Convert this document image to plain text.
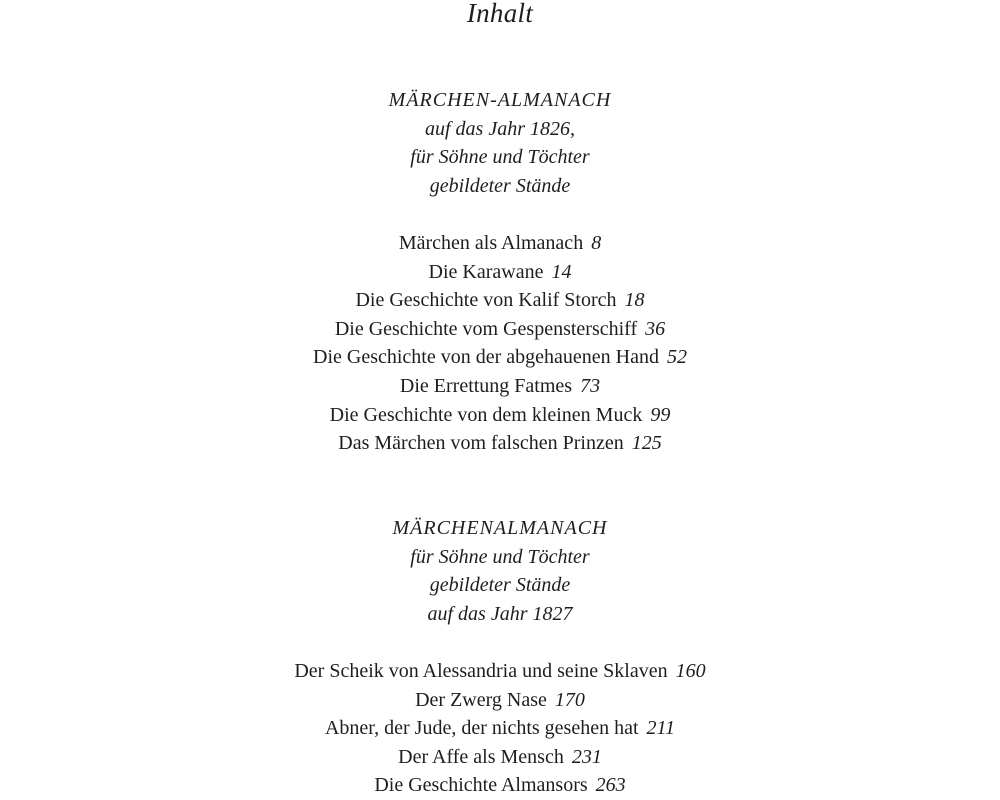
Inhalt
MÄRCHEN-ALMANACH
auf das Jahr 1826,
für Söhne und Töchter
gebildeter Stände
Märchen als Almanach 8
Die Karawane 14
Die Geschichte von Kalif Storch 18
Die Geschichte vom Gespensterschiff 36
Die Geschichte von der abgehauenen Hand 52
Die Errettung Fatmes 73
Die Geschichte von dem kleinen Muck 99
Das Märchen vom falschen Prinzen 125
MÄRCHENALMANACH
für Söhne und Töchter
gebildeter Stände
auf das Jahr 1827
Der Scheik von Alessandria und seine Sklaven 160
Der Zwerg Nase 170
Abner, der Jude, der nichts gesehen hat 211
Der Affe als Mensch 231
Die Geschichte Almansors 263
